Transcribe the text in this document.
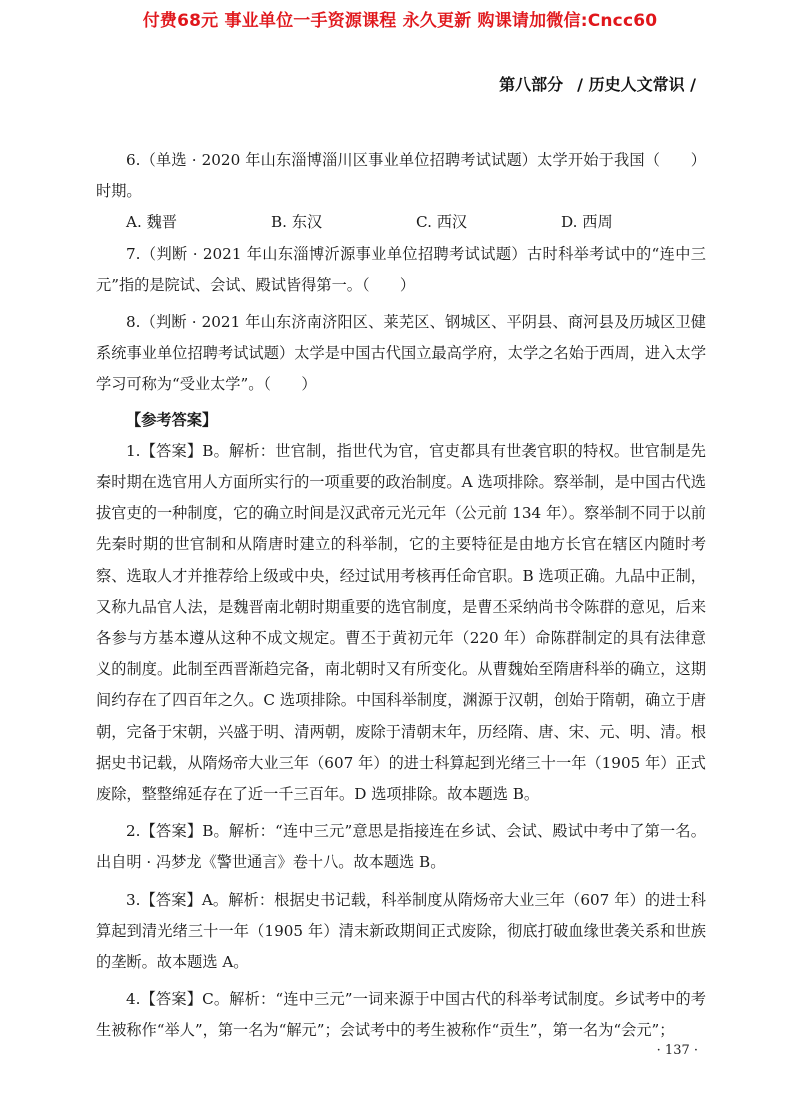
付费68元 事业单位一手资源课程 永久更新 购课请加微信:Cncc60
第八部分 / 历史人文常识 /

6.（单选 · 2020 年山东淄博淄川区事业单位招聘考试试题）太学开始于我国（　　）时期。

A. 魏晋	B. 东汉	C. 西汉	D. 西周

7.（判断 · 2021 年山东淄博沂源事业单位招聘考试试题）古时科举考试中的“连中三元”指的是院试、会试、殿试皆得第一。（　　）

8.（判断 · 2021 年山东济南济阳区、莱芜区、钢城区、平阴县、商河县及历城区卫健系统事业单位招聘考试试题）太学是中国古代国立最高学府，太学之名始于西周，进入太学学习可称为“受业太学”。（　　）

【参考答案】

1.【答案】B。解析：世官制，指世代为官，官吏都具有世袭官职的特权。世官制是先秦时期在选官用人方面所实行的一项重要的政治制度。A 选项排除。察举制，是中国古代选拔官吏的一种制度，它的确立时间是汉武帝元光元年（公元前 134 年）。察举制不同于以前先秦时期的世官制和从隋唐时建立的科举制，它的主要特征是由地方长官在辖区内随时考察、选取人才并推荐给上级或中央，经过试用考核再任命官职。B 选项正确。九品中正制，又称九品官人法，是魏晋南北朝时期重要的选官制度，是曹丕采纳尚书令陈群的意见，后来各参与方基本遵从这种不成文规定。曹丕于黄初元年（220 年）命陈群制定的具有法律意义的制度。此制至西晋渐趋完备，南北朝时又有所变化。从曹魏始至隋唐科举的确立，这期间约存在了四百年之久。C 选项排除。中国科举制度，渊源于汉朝，创始于隋朝，确立于唐朝，完备于宋朝，兴盛于明、清两朝，废除于清朝末年，历经隋、唐、宋、元、明、清。根据史书记载，从隋炀帝大业三年（607 年）的进士科算起到光绪三十一年（1905 年）正式废除，整整绵延存在了近一千三百年。D 选项排除。故本题选 B。

2.【答案】B。解析：“连中三元”意思是指接连在乡试、会试、殿试中考中了第一名。出自明 · 冯梦龙《警世通言》卷十八。故本题选 B。

3.【答案】A。解析：根据史书记载，科举制度从隋炀帝大业三年（607 年）的进士科算起到清光绪三十一年（1905 年）清末新政期间正式废除，彻底打破血缘世袭关系和世族的垄断。故本题选 A。

4.【答案】C。解析：“连中三元”一词来源于中国古代的科举考试制度。乡试考中的考生被称作“举人”，第一名为“解元”；会试考中的考生被称作“贡生”，第一名为“会元”；

· 137 ·
